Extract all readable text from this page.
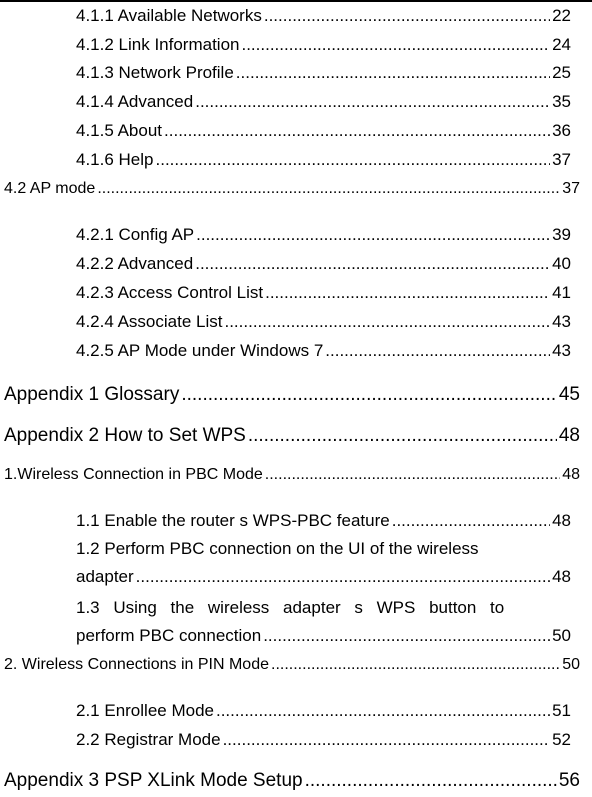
4.1.1 Available Networks .....	22
4.1.2 Link Information .....	24
4.1.3 Network Profile .....	25
4.1.4 Advanced .....	35
4.1.5 About .....	36
4.1.6 Help .....	37
4.2 AP mode .....	37
4.2.1 Config AP .....	39
4.2.2 Advanced .....	40
4.2.3 Access Control List .....	41
4.2.4 Associate List .....	43
4.2.5 AP Mode under Windows 7 .....	43
Appendix 1 Glossary .....	45
Appendix 2 How to Set WPS .....	48
1.Wireless Connection in PBC Mode .....	48
1.1 Enable the router s WPS-PBC feature .....	48
1.2 Perform PBC connection on the UI of the wireless
adapter .....	48
1.3 Using the wireless adapter s WPS button to
perform PBC connection .....	50
2. Wireless Connections in PIN Mode .....	50
2.1 Enrollee Mode .....	51
2.2 Registrar Mode .....	52
Appendix 3 PSP XLink Mode Setup .....	56
